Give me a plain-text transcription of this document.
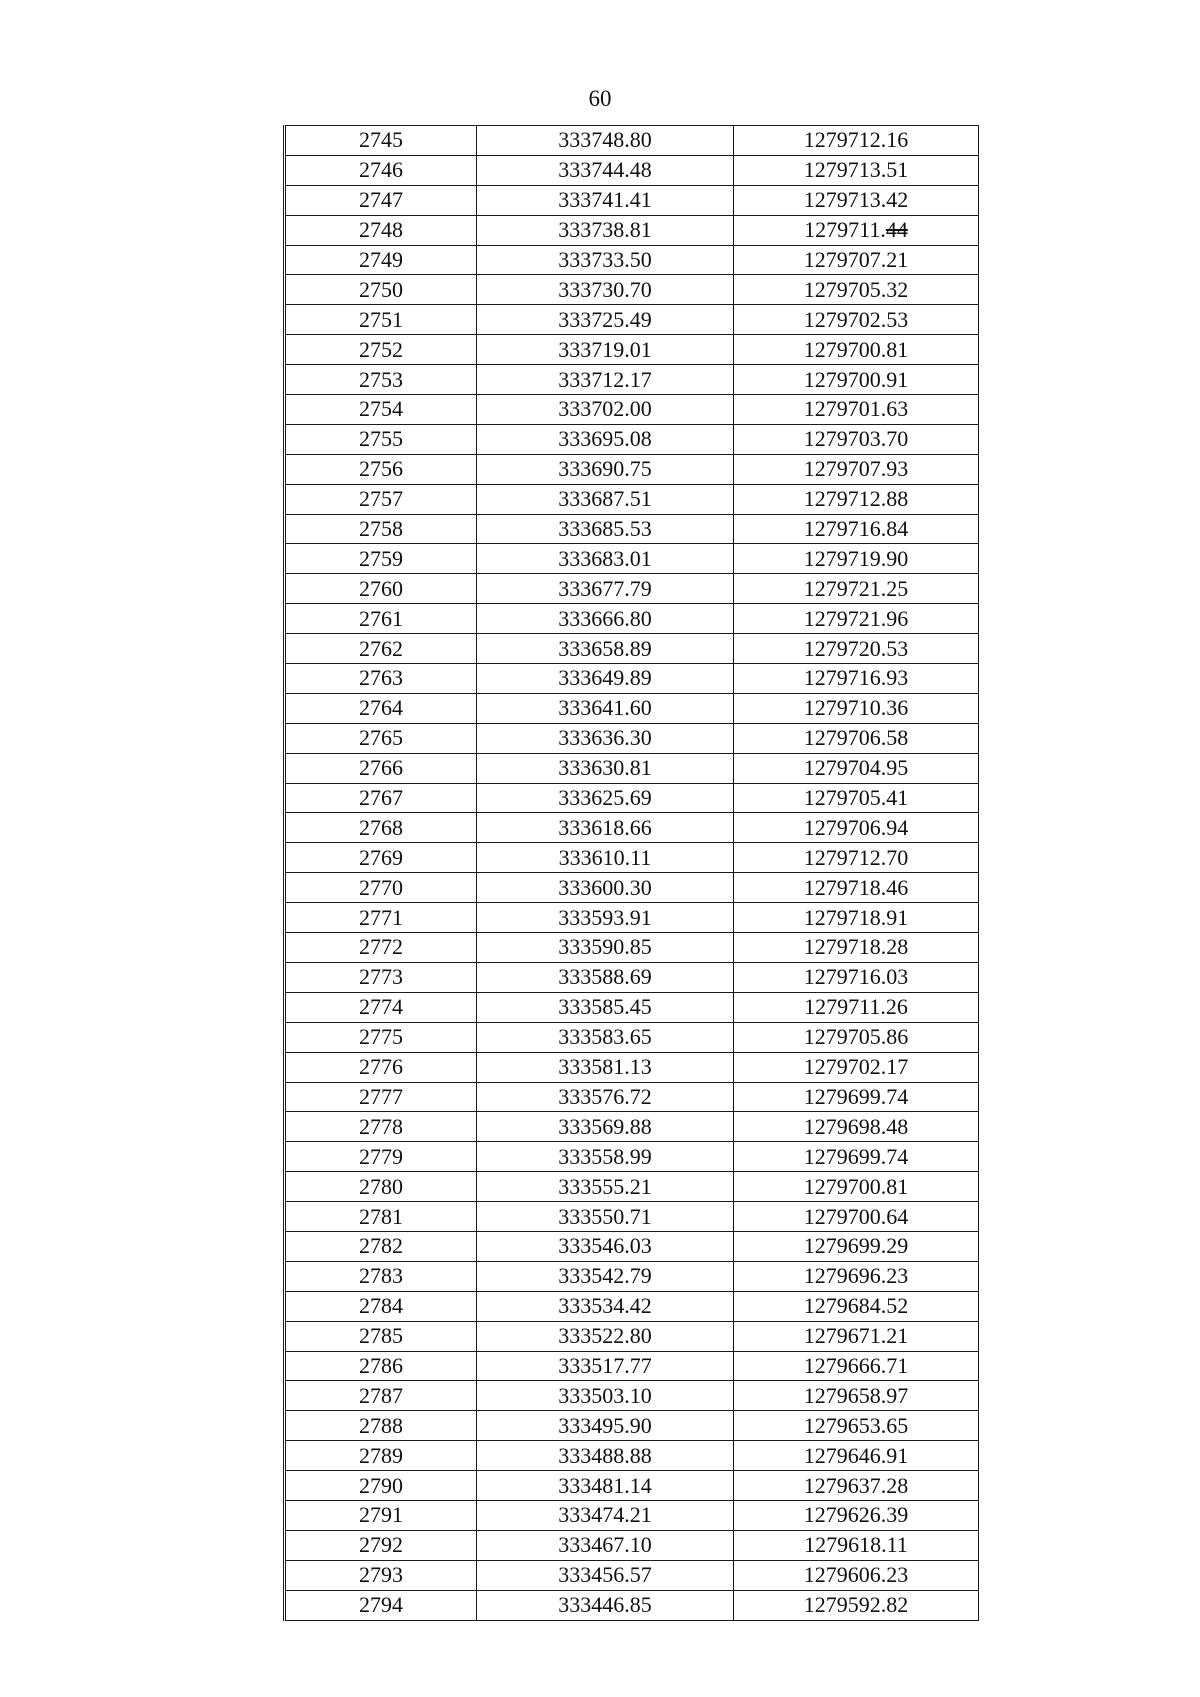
60
2745	333748.80	1279712.16
2746	333744.48	1279713.51
2747	333741.41	1279713.42
2748	333738.81	1279711.44
2749	333733.50	1279707.21
2750	333730.70	1279705.32
2751	333725.49	1279702.53
2752	333719.01	1279700.81
2753	333712.17	1279700.91
2754	333702.00	1279701.63
2755	333695.08	1279703.70
2756	333690.75	1279707.93
2757	333687.51	1279712.88
2758	333685.53	1279716.84
2759	333683.01	1279719.90
2760	333677.79	1279721.25
2761	333666.80	1279721.96
2762	333658.89	1279720.53
2763	333649.89	1279716.93
2764	333641.60	1279710.36
2765	333636.30	1279706.58
2766	333630.81	1279704.95
2767	333625.69	1279705.41
2768	333618.66	1279706.94
2769	333610.11	1279712.70
2770	333600.30	1279718.46
2771	333593.91	1279718.91
2772	333590.85	1279718.28
2773	333588.69	1279716.03
2774	333585.45	1279711.26
2775	333583.65	1279705.86
2776	333581.13	1279702.17
2777	333576.72	1279699.74
2778	333569.88	1279698.48
2779	333558.99	1279699.74
2780	333555.21	1279700.81
2781	333550.71	1279700.64
2782	333546.03	1279699.29
2783	333542.79	1279696.23
2784	333534.42	1279684.52
2785	333522.80	1279671.21
2786	333517.77	1279666.71
2787	333503.10	1279658.97
2788	333495.90	1279653.65
2789	333488.88	1279646.91
2790	333481.14	1279637.28
2791	333474.21	1279626.39
2792	333467.10	1279618.11
2793	333456.57	1279606.23
2794	333446.85	1279592.82
